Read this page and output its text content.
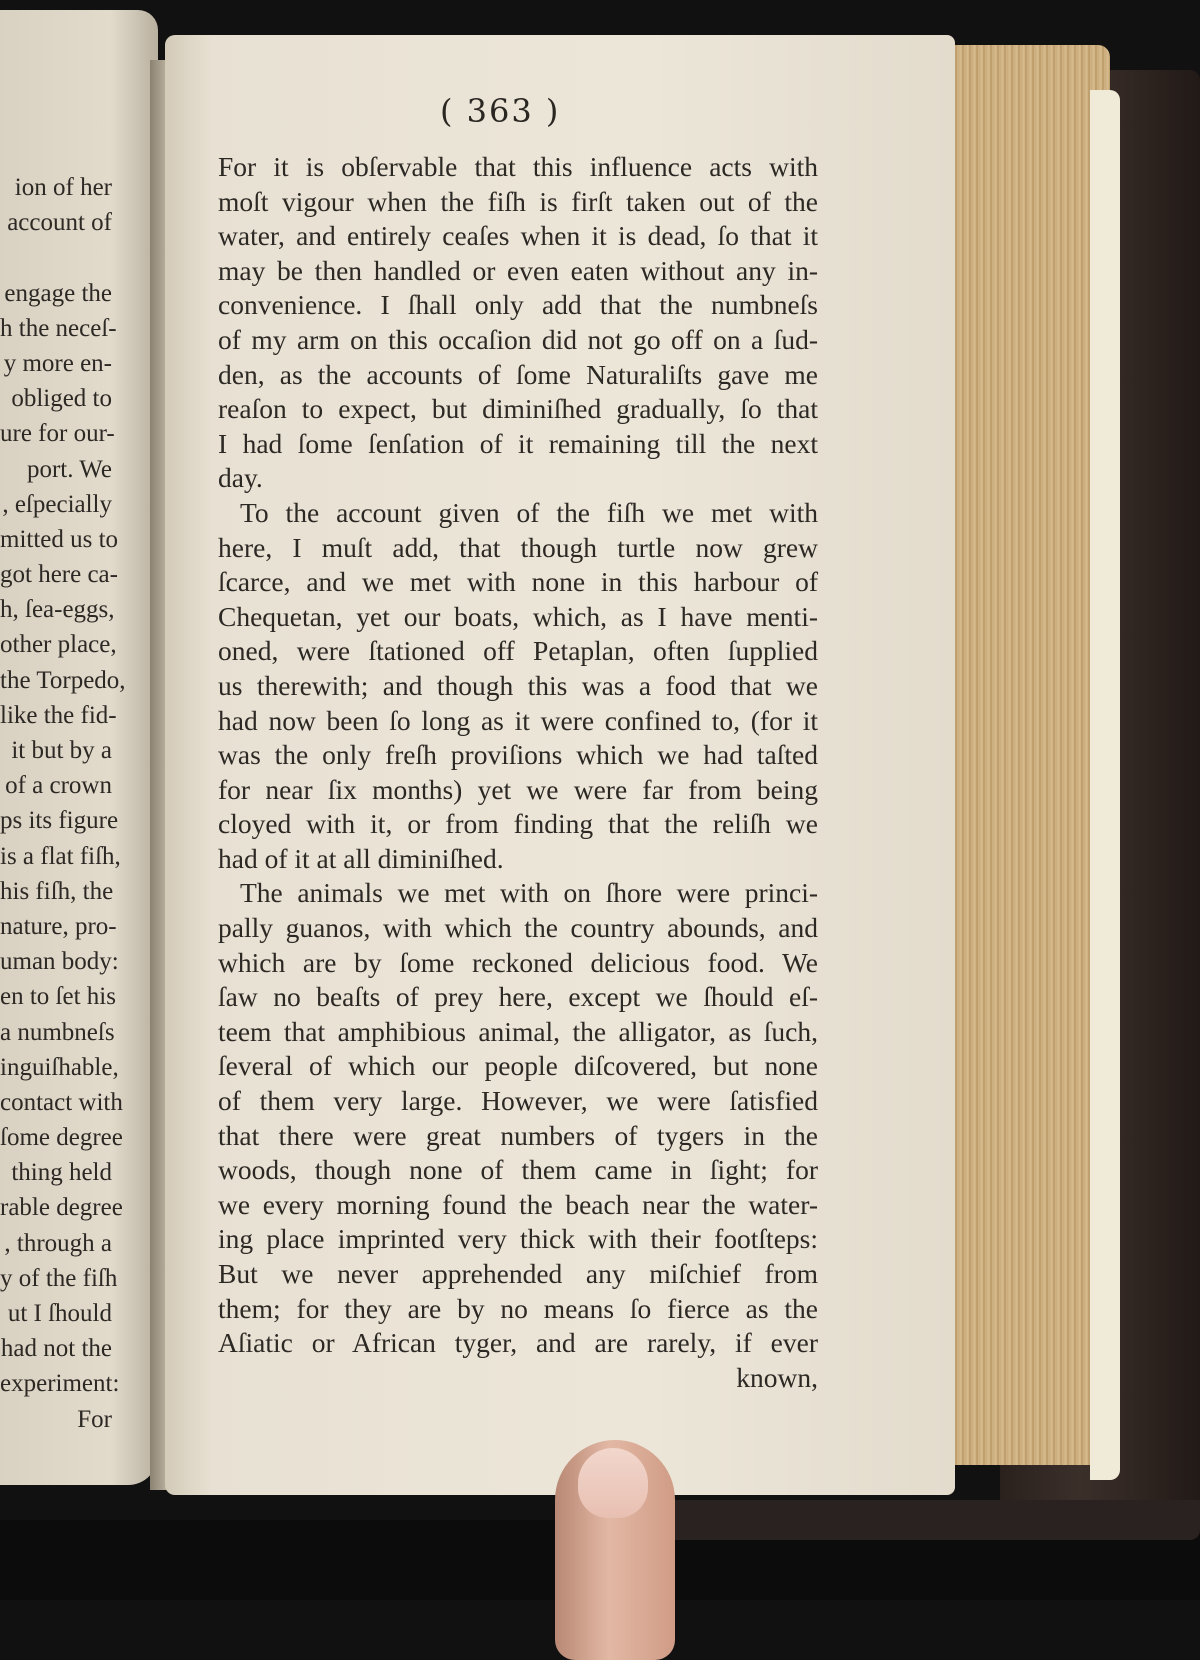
ion of her
account of
engage the
h the neceſ-
y more en-
obliged to
ure for our-
port. We
, eſpecially
mitted us to
got here ca-
h, ſea-eggs,
other place,
the Torpedo,
like the fid-
it but by a
of a crown
ps its figure
is a flat fiſh,
his fiſh, the
nature, pro-
uman body:
en to ſet his
a numbneſs
inguiſhable,
contact with
ſome degree
thing held
rable degree
, through a
y of the fiſh
ut I ſhould
had not the
experiment:
For
( 363 )
For it is obſervable that this influence acts with
moſt vigour when the fiſh is firſt taken out of the
water, and entirely ceaſes when it is dead, ſo that it
may be then handled or even eaten without any in-
convenience. I ſhall only add that the numbneſs
of my arm on this occaſion did not go off on a ſud-
den, as the accounts of ſome Naturaliſts gave me
reaſon to expect, but diminiſhed gradually, ſo that
I had ſome ſenſation of it remaining till the next
day.
To the account given of the fiſh we met with
here, I muſt add, that though turtle now grew
ſcarce, and we met with none in this harbour of
Chequetan, yet our boats, which, as I have menti-
oned, were ſtationed off Petaplan, often ſupplied
us therewith; and though this was a food that we
had now been ſo long as it were confined to, (for it
was the only freſh proviſions which we had taſted
for near ſix months) yet we were far from being
cloyed with it, or from finding that the reliſh we
had of it at all diminiſhed.
The animals we met with on ſhore were princi-
pally guanos, with which the country abounds, and
which are by ſome reckoned delicious food. We
ſaw no beaſts of prey here, except we ſhould eſ-
teem that amphibious animal, the alligator, as ſuch,
ſeveral of which our people diſcovered, but none
of them very large. However, we were ſatisfied
that there were great numbers of tygers in the
woods, though none of them came in ſight; for
we every morning found the beach near the water-
ing place imprinted very thick with their footſteps:
But we never apprehended any miſchief from
them; for they are by no means ſo fierce as the
Aſiatic or African tyger, and are rarely, if ever
known,
